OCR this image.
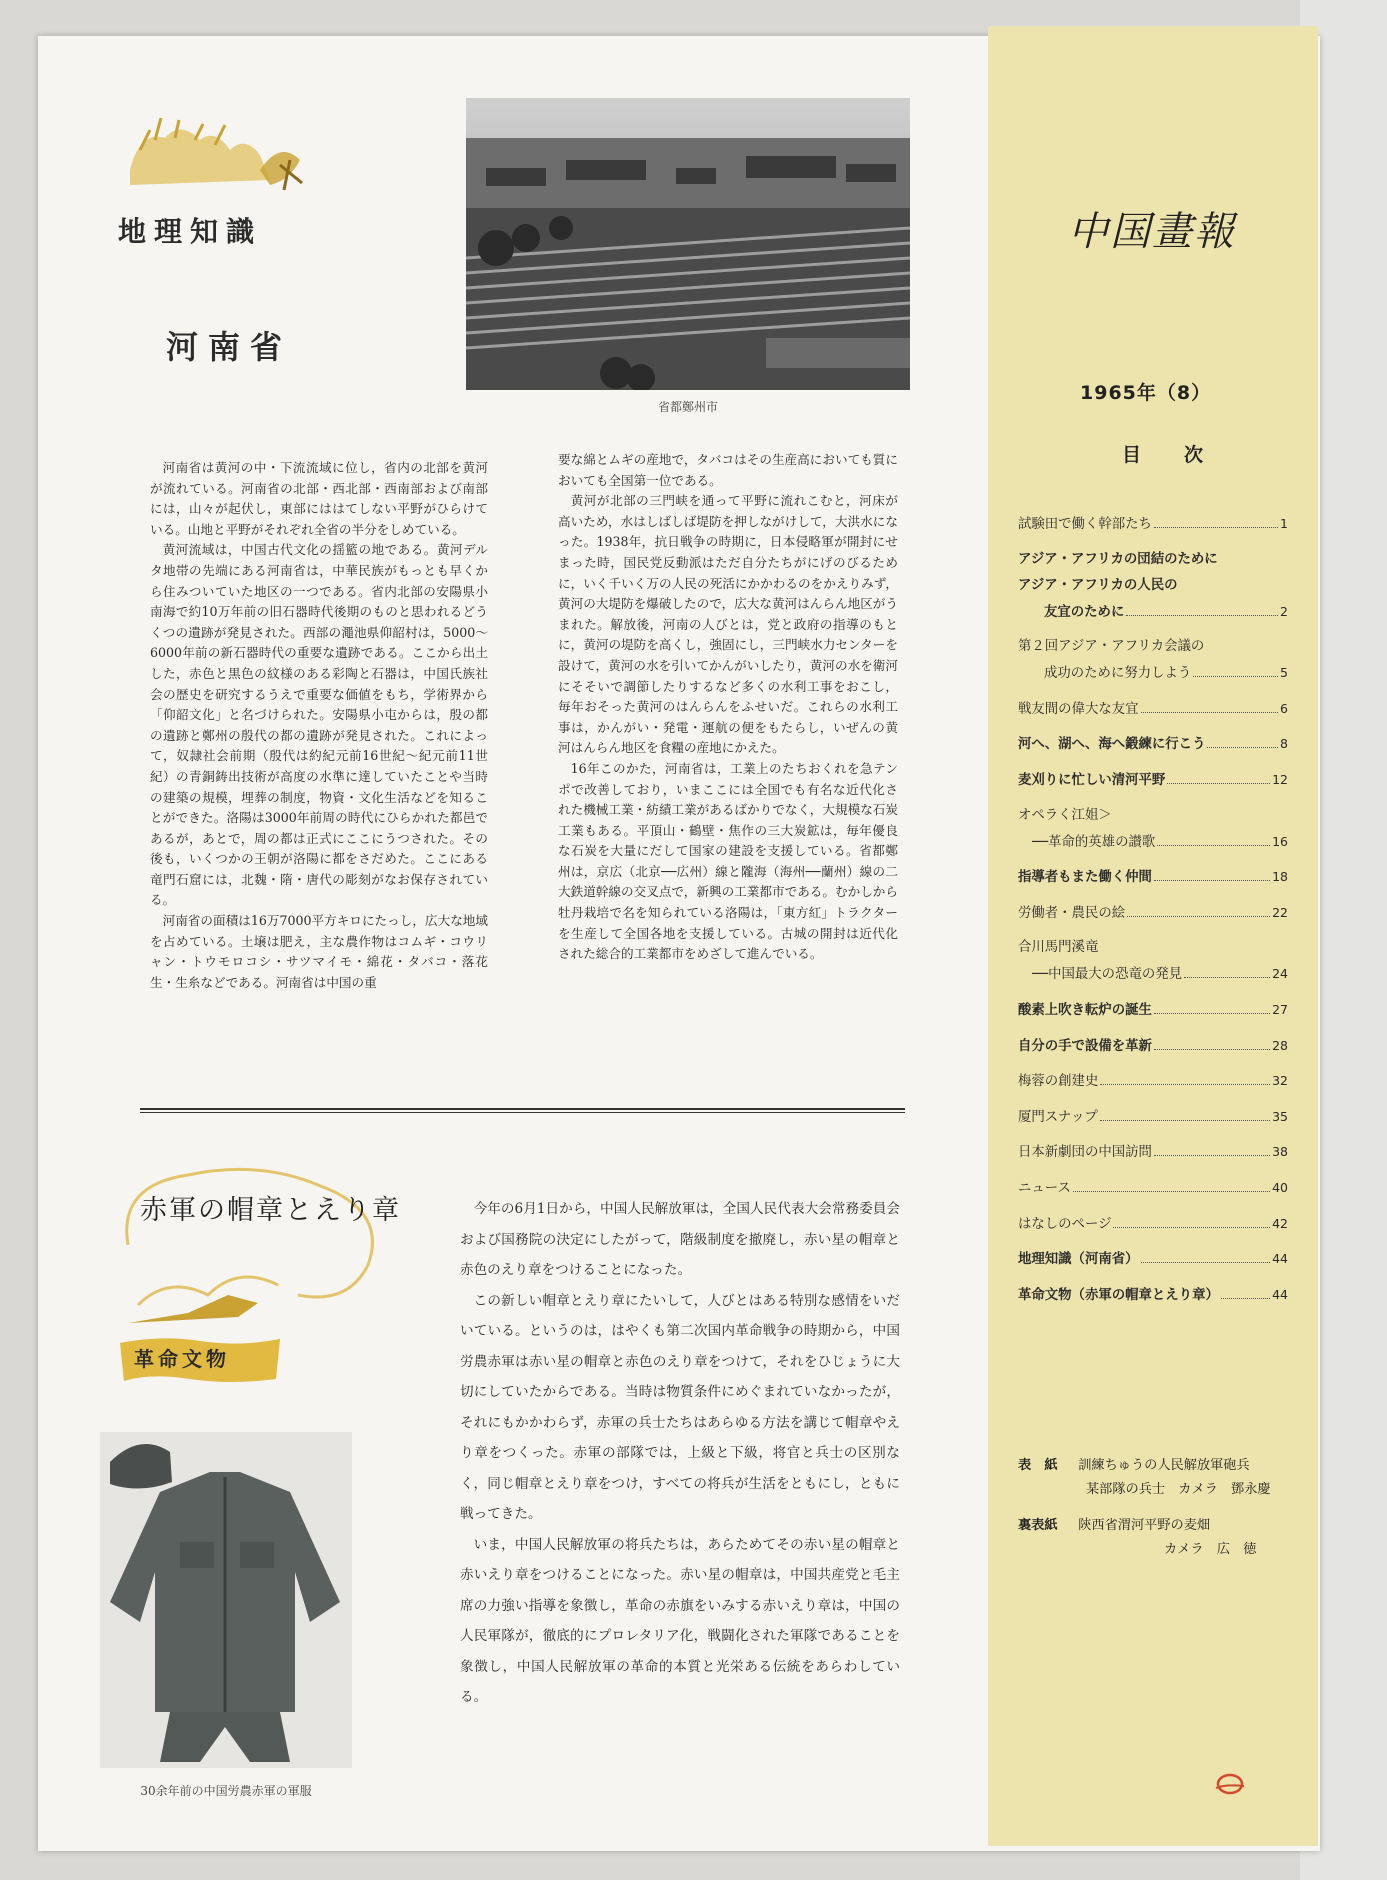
地理知識
河南省
省都鄭州市

河南省は黄河の中・下流流域に位し，省内の北部を黄河が流れている。河南省の北部・西北部・西南部および南部には，山々が起伏し，東部にははてしない平野がひらけている。山地と平野がそれぞれ全省の半分をしめている。

黄河流域は，中国古代文化の揺籃の地である。黄河デルタ地帯の先端にある河南省は，中華民族がもっとも早くから住みついていた地区の一つである。省内北部の安陽県小南海で約10万年前の旧石器時代後期のものと思われるどうくつの遺跡が発見された。西部の澠池県仰韶村は，5000～6000年前の新石器時代の重要な遺跡である。ここから出土した，赤色と黒色の紋様のある彩陶と石器は，中国氏族社会の歴史を研究するうえで重要な価値をもち，学術界から「仰韶文化」と名づけられた。安陽県小屯からは，殷の都の遺跡と鄭州の殷代の都の遺跡が発見された。これによって，奴隷社会前期（殷代は約紀元前16世紀～紀元前11世紀）の青銅鋳出技術が高度の水準に達していたことや当時の建築の規模，埋葬の制度，物資・文化生活などを知ることができた。洛陽は3000年前周の時代にひらかれた都邑であるが，あとで，周の都は正式にここにうつされた。その後も，いくつかの王朝が洛陽に都をさだめた。ここにある竜門石窟には，北魏・隋・唐代の彫刻がなお保存されている。

河南省の面積は16万7000平方キロにたっし，広大な地域を占めている。土壌は肥え，主な農作物はコムギ・コウリャン・トウモロコシ・サツマイモ・綿花・タバコ・落花生・生糸などである。河南省は中国の重

要な綿とムギの産地で，タバコはその生産高においても質においても全国第一位である。

黄河が北部の三門峡を通って平野に流れこむと，河床が高いため，水はしばしば堤防を押しながけして，大洪水になった。1938年，抗日戦争の時期に，日本侵略軍が開封にせまった時，国民党反動派はただ自分たちがにげのびるために，いく千いく万の人民の死活にかかわるのをかえりみず，黄河の大堤防を爆破したので，広大な黄河はんらん地区がうまれた。解放後，河南の人びとは，党と政府の指導のもとに，黄河の堤防を高くし，強固にし，三門峡水力センターを設けて，黄河の水を引いてかんがいしたり，黄河の水を衛河にそそいで調節したりするなど多くの水利工事をおこし，毎年おそった黄河のはんらんをふせいだ。これらの水利工事は，かんがい・発電・運航の便をもたらし，いぜんの黄河はんらん地区を食糧の産地にかえた。

16年このかた，河南省は，工業上のたちおくれを急テンポで改善しており，いまここには全国でも有名な近代化された機械工業・紡績工業があるばかりでなく，大規模な石炭工業もある。平頂山・鶴壁・焦作の三大炭鉱は，毎年優良な石炭を大量にだして国家の建設を支援している。省都鄭州は，京広（北京──広州）線と隴海（海州──蘭州）線の二大鉄道幹線の交叉点で，新興の工業都市である。むかしから牡丹栽培で名を知られている洛陽は，「東方紅」トラクターを生産して全国各地を支援している。古城の開封は近代化された総合的工業都市をめざして進んでいる。

赤軍の帽章とえり章
革命文物
30余年前の中国労農赤軍の軍服

今年の6月1日から，中国人民解放軍は，全国人民代表大会常務委員会および国務院の決定にしたがって，階級制度を撤廃し，赤い星の帽章と赤色のえり章をつけることになった。

この新しい帽章とえり章にたいして，人びとはある特別な感情をいだいている。というのは，はやくも第二次国内革命戦争の時期から，中国労農赤軍は赤い星の帽章と赤色のえり章をつけて，それをひじょうに大切にしていたからである。当時は物質条件にめぐまれていなかったが，それにもかかわらず，赤軍の兵士たちはあらゆる方法を講じて帽章やえり章をつくった。赤軍の部隊では，上級と下級，将官と兵士の区別なく，同じ帽章とえり章をつけ，すべての将兵が生活をともにし，ともに戦ってきた。

いま，中国人民解放軍の将兵たちは，あらためてその赤い星の帽章と赤いえり章をつけることになった。赤い星の帽章は，中国共産党と毛主席の力強い指導を象徴し，革命の赤旗をいみする赤いえり章は，中国の人民軍隊が，徹底的にプロレタリア化，戦闘化された軍隊であることを象徴し，中国人民解放軍の革命的本質と光栄ある伝統をあらわしている。

中国畫報
1965年（8）
目　次
試験田で働く幹部たち	1
アジア・アフリカの団結のために
アジア・アフリカの人民の
友宜のために	2
第２回アジア・アフリカ会議の
成功のために努力しよう	5
戦友間の偉大な友宜	6
河へ、湖へ、海へ鍛練に行こう	8
麦刈りに忙しい清河平野	12
オペラく江姐＞
──革命的英雄の讃歌	16
指導者もまた働く仲間	18
労働者・農民の絵	22
合川馬門溪竜
──中国最大の恐竜の発見	24
酸素上吹き転炉の誕生	27
自分の手で設備を革新	28
梅蓉の創建史	32
厦門スナップ	35
日本新劇団の中国訪問	38
ニュース	40
はなしのページ	42
地理知識（河南省）	44
革命文物（赤軍の帽章とえり章）	44
表　紙 訓練ちゅうの人民解放軍砲兵
某部隊の兵士　カメラ　鄧永慶
裏表紙 陝西省渭河平野の麦畑
カメラ　広　徳
